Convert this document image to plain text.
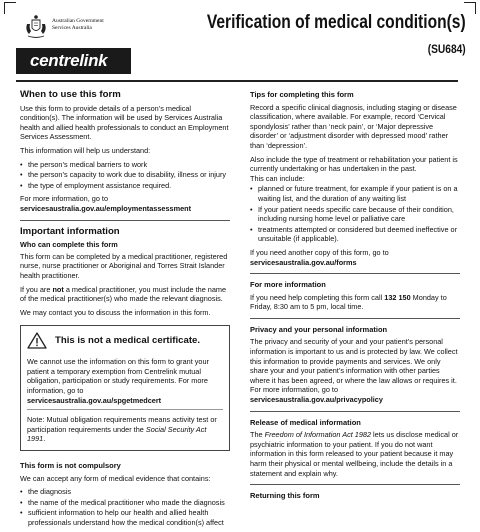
Australian Government
Services Australia
centrelink
Verification of medical condition(s)
(SU684)
When to use this form

Use this form to provide details of a person’s medical condition(s). The information will be used by Services Australia health and allied health professionals to conduct an Employment Services Assessment.

This information will help us understand:

• the person’s medical barriers to work
• the person’s capacity to work due to disability, illness or injury
• the type of employment assistance required.

For more information, go to
servicesaustralia.gov.au/employmentassessment

Important information
Who can complete this form

This form can be completed by a medical practitioner, registered nurse, nurse practitioner or Aboriginal and Torres Strait Islander health practitioner.

If you are not a medical practitioner, you must include the name of the medical practitioner(s) who made the relevant diagnosis.

We may contact you to discuss the information in this form.

This is not a medical certificate.

We cannot use the information on this form to grant your patient a temporary exemption from Centrelink mutual obligation, participation or study requirements. For more information, go to
servicesaustralia.gov.au/spgetmedcert

Note: Mutual obligation requirements means activity test or participation requirements under the Social Security Act 1991.

This form is not compulsory

We can accept any form of medical evidence that contains:

• the diagnosis
• the name of the medical practitioner who made the diagnosis
• sufficient information to help our health and allied health professionals understand how the medical condition(s) affect
Tips for completing this form

Record a specific clinical diagnosis, including staging or disease classification, where available. For example, record ‘Cervical spondylosis’ rather than ‘neck pain’, or ‘Major depressive disorder’ or ‘adjustment disorder with depressed mood’ rather than ‘depression’.

Also include the type of treatment or rehabilitation your patient is currently undertaking or has undertaken in the past.

This can include:

• planned or future treatment, for example if your patient is on a waiting list, and the duration of any waiting list
• If your patient needs specific care because of their condition, including nursing home level or palliative care
• treatments attempted or considered but deemed ineffective or unsuitable (if applicable).

If you need another copy of this form, go to
servicesaustralia.gov.au/forms

For more information

If you need help completing this form call 132 150 Monday to Friday, 8:30 am to 5 pm, local time.

Privacy and your personal information

The privacy and security of your and your patient’s personal information is important to us and is protected by law. We collect this information to provide payments and services. We only share your and your patient’s information with other parties where it has been agreed, or where the law allows or requires it. For more information, go to
servicesaustralia.gov.au/privacypolicy

Release of medical information

The Freedom of Information Act 1982 lets us disclose medical or psychiatric information to your patient. If you do not want information in this form released to your patient because it may harm their physical or mental wellbeing, include the details in a statement and explain why.

Returning this form
